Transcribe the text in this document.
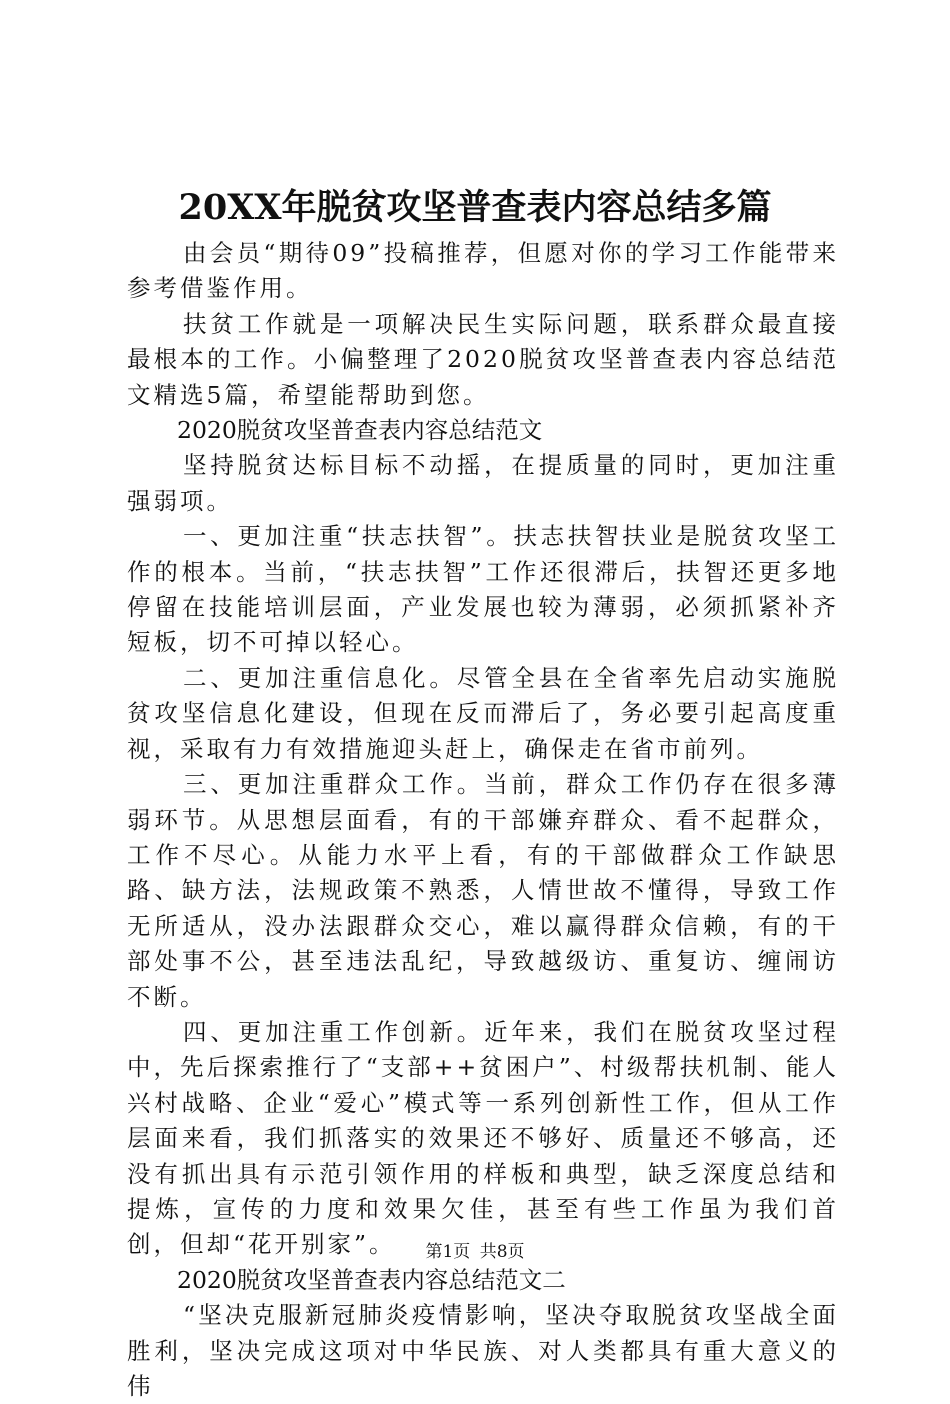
20XX年脱贫攻坚普查表内容总结多篇

由会员“期待09”投稿推荐，但愿对你的学习工作能带来参考借鉴作用。

扶贫工作就是一项解决民生实际问题，联系群众最直接最根本的工作。小偏整理了2020脱贫攻坚普查表内容总结范文精选5篇，希望能帮助到您。

2020脱贫攻坚普查表内容总结范文

坚持脱贫达标目标不动摇，在提质量的同时，更加注重强弱项。

一、更加注重“扶志扶智”。扶志扶智扶业是脱贫攻坚工作的根本。当前，“扶志扶智”工作还很滞后，扶智还更多地停留在技能培训层面，产业发展也较为薄弱，必须抓紧补齐短板，切不可掉以轻心。

二、更加注重信息化。尽管全县在全省率先启动实施脱贫攻坚信息化建设，但现在反而滞后了，务必要引起高度重视，采取有力有效措施迎头赶上，确保走在省市前列。

三、更加注重群众工作。当前，群众工作仍存在很多薄弱环节。从思想层面看，有的干部嫌弃群众、看不起群众，工作不尽心。从能力水平上看，有的干部做群众工作缺思路、缺方法，法规政策不熟悉，人情世故不懂得，导致工作无所适从，没办法跟群众交心，难以赢得群众信赖，有的干部处事不公，甚至违法乱纪，导致越级访、重复访、缠闹访不断。

四、更加注重工作创新。近年来，我们在脱贫攻坚过程中，先后探索推行了“支部++贫困户”、村级帮扶机制、能人兴村战略、企业“爱心”模式等一系列创新性工作，但从工作层面来看，我们抓落实的效果还不够好、质量还不够高，还没有抓出具有示范引领作用的样板和典型，缺乏深度总结和提炼，宣传的力度和效果欠佳，甚至有些工作虽为我们首创，但却“花开别家”。

2020脱贫攻坚普查表内容总结范文二

“坚决克服新冠肺炎疫情影响，坚决夺取脱贫攻坚战全面胜利，坚决完成这项对中华民族、对人类都具有重大意义的伟

第1页 共8页
